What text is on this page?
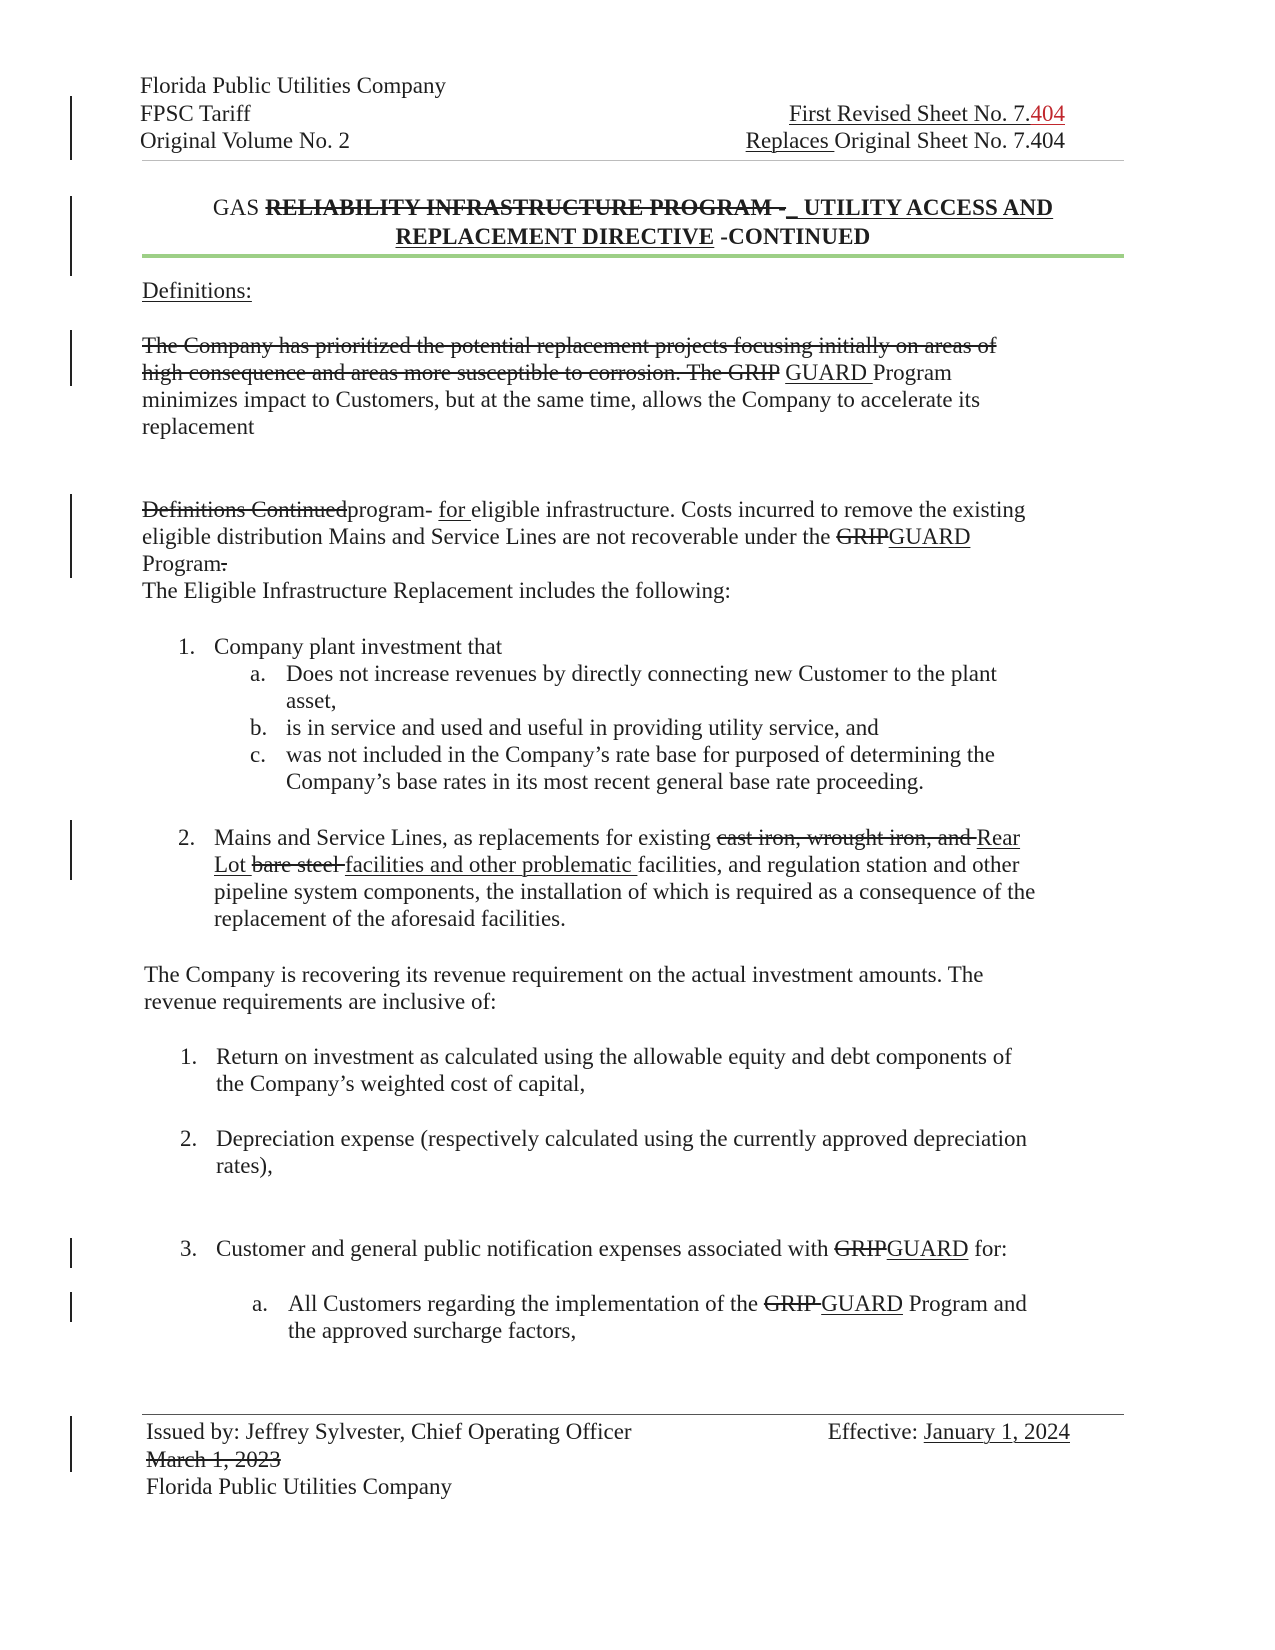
Florida Public Utilities Company
FPSC Tariff
Original Volume No. 2
First Revised Sheet No. 7.404
Replaces Original Sheet No. 7.404
GAS RELIABILITY INFRASTRUCTURE PROGRAM -_ UTILITY ACCESS AND
REPLACEMENT DIRECTIVE -CONTINUED
Definitions:
The Company has prioritized the potential replacement projects focusing initially on areas of
high consequence and areas more susceptible to corrosion. The GRIP GUARD Program
minimizes impact to Customers, but at the same time, allows the Company to accelerate its
replacement
Definitions Continuedprogram- for eligible infrastructure. Costs incurred to remove the existing
eligible distribution Mains and Service Lines are not recoverable under the GRIPGUARD
Program.
The Eligible Infrastructure Replacement includes the following:
1. Company plant investment that
a. Does not increase revenues by directly connecting new Customer to the plant
asset,
b. is in service and used and useful in providing utility service, and
c. was not included in the Company’s rate base for purposed of determining the
Company’s base rates in its most recent general base rate proceeding.
2. Mains and Service Lines, as replacements for existing cast iron, wrought iron, and Rear
Lot bare steel facilities and other problematic facilities, and regulation station and other
pipeline system components, the installation of which is required as a consequence of the
replacement of the aforesaid facilities.
The Company is recovering its revenue requirement on the actual investment amounts. The
revenue requirements are inclusive of:
1. Return on investment as calculated using the allowable equity and debt components of
the Company’s weighted cost of capital,
2. Depreciation expense (respectively calculated using the currently approved depreciation
rates),
3. Customer and general public notification expenses associated with GRIPGUARD for:
a. All Customers regarding the implementation of the GRIP GUARD Program and
the approved surcharge factors,
Issued by: Jeffrey Sylvester, Chief Operating Officer	Effective: January 1, 2024
March 1, 2023
Florida Public Utilities Company
